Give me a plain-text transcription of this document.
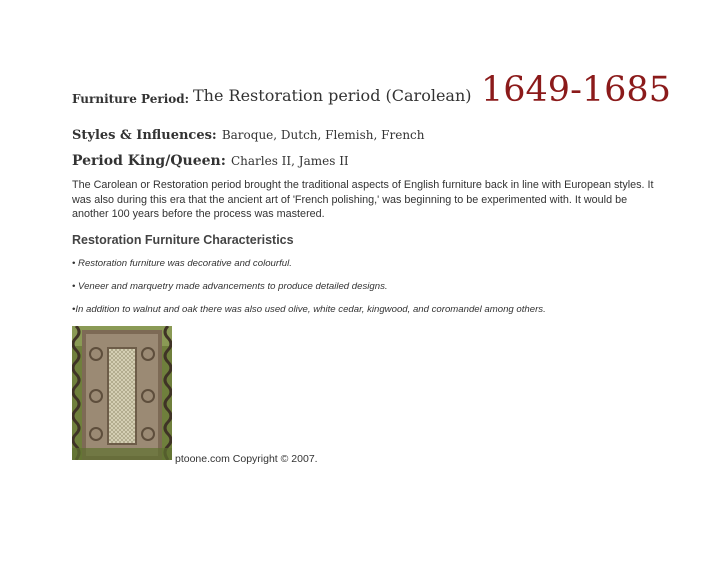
Furniture Period: The Restoration period (Carolean) 1649-1685
Styles & Influences: Baroque, Dutch, Flemish, French
Period King/Queen: Charles II, James II

The Carolean or Restoration period brought the traditional aspects of English furniture back in line with European styles. It was also during this era that the ancient art of 'French polishing,' was beginning to be experimented with. It would be another 100 years before the process was mastered.

Restoration Furniture Characteristics

• Restoration furniture was decorative and colourful.

• Veneer and marquetry made advancements to produce detailed designs.

•In addition to walnut and oak there was also used olive, white cedar, kingwood, and coromandel among others.

ptoone.com Copyright © 2007.
